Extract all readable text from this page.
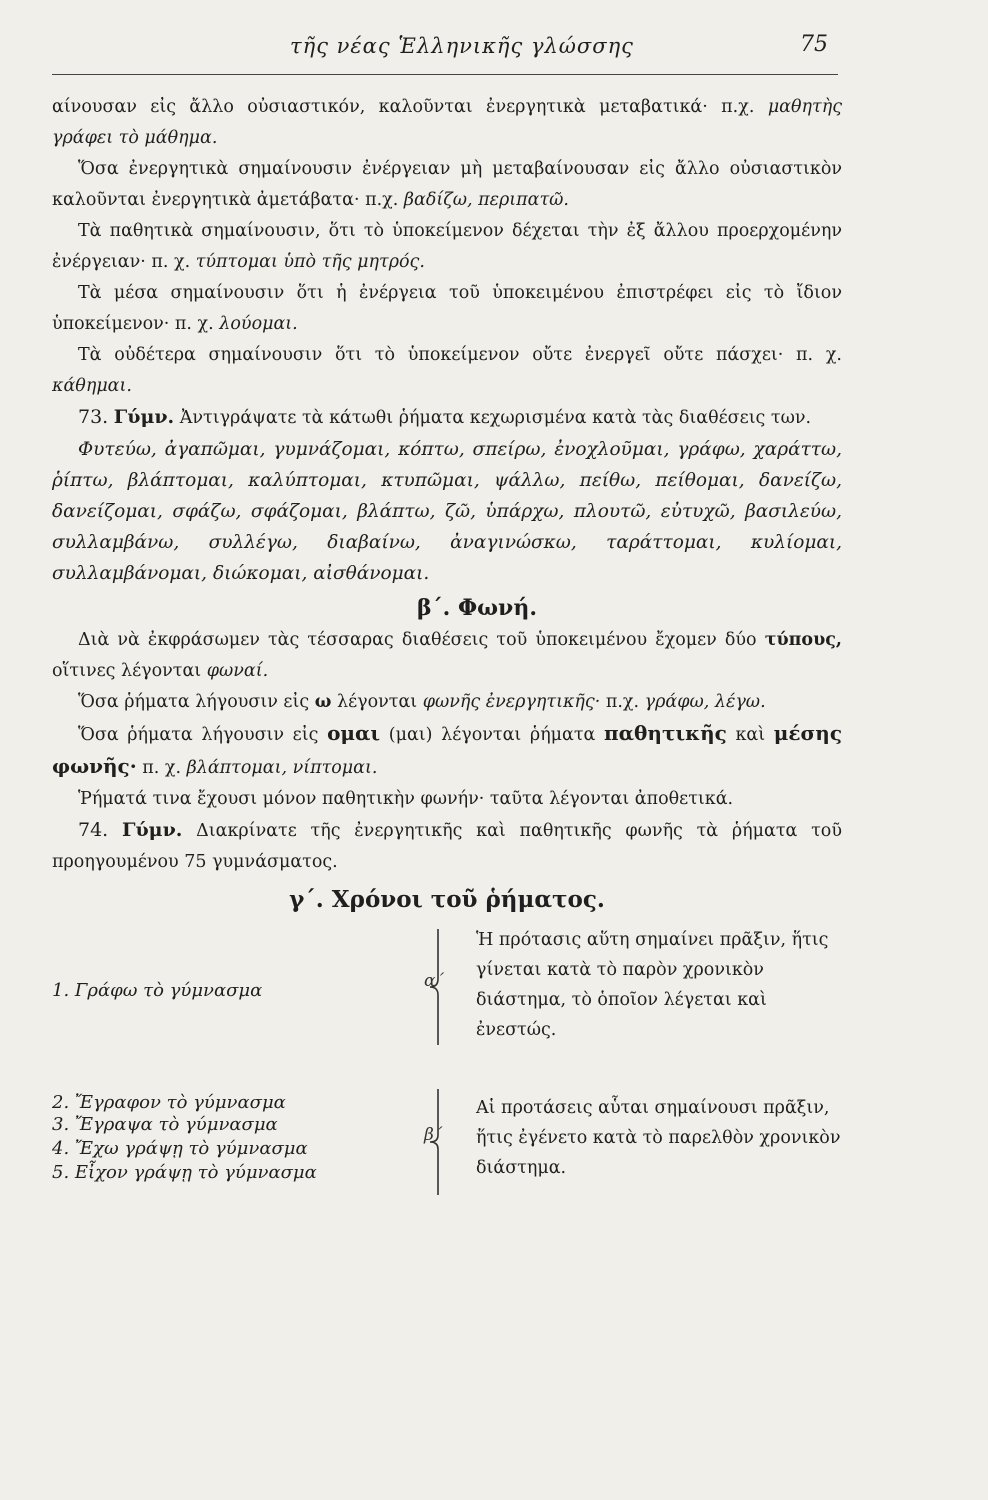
τῆς νέας Ἑλληνικῆς γλώσσης	75

αίνουσαν εἰς ἄλλο οὐσιαστικόν, καλοῦνται ἐνεργητικὰ μεταβατικά· π.χ. μαθητὴς γράφει τὸ μάθημα.

Ὅσα ἐνεργητικὰ σημαίνουσιν ἐνέργειαν μὴ μεταβαίνουσαν εἰς ἄλλο οὐσιαστικὸν καλοῦνται ἐνεργητικὰ ἀμετάβατα· π.χ. βαδίζω, περιπατῶ.

Τὰ παθητικὰ σημαίνουσιν, ὅτι τὸ ὑποκείμενον δέχεται τὴν ἐξ ἄλλου προερχομένην ἐνέργειαν· π. χ. τύπτομαι ὑπὸ τῆς μητρός.

Τὰ μέσα σημαίνουσιν ὅτι ἡ ἐνέργεια τοῦ ὑποκειμένου ἐπιστρέφει εἰς τὸ ἴδιον ὑποκείμενον· π. χ. λούομαι.

Τὰ οὐδέτερα σημαίνουσιν ὅτι τὸ ὑποκείμενον οὔτε ἐνεργεῖ οὔτε πάσχει· π. χ. κάθημαι.

73. Γύμν. Ἀντιγράψατε τὰ κάτωθι ῥήματα κεχωρισμένα κατὰ τὰς διαθέσεις των.

Φυτεύω, ἀγαπῶμαι, γυμνάζομαι, κόπτω, σπείρω, ἐνοχλοῦμαι, γράφω, χαράττω, ῥίπτω, βλάπτομαι, καλύπτομαι, κτυπῶμαι, ψάλλω, πείθω, πείθομαι, δανείζω, δανείζομαι, σφάζω, σφάζομαι, βλάπτω, ζῶ, ὑπάρχω, πλουτῶ, εὐτυχῶ, βασιλεύω, συλλαμβάνω, συλλέγω, διαβαίνω, ἀναγινώσκω, ταράττομαι, κυλίομαι, συλλαμβάνομαι, διώκομαι, αἰσθάνομαι.

β΄. Φωνή.

Διὰ νὰ ἐκφράσωμεν τὰς τέσσαρας διαθέσεις τοῦ ὑποκειμένου ἔχομεν δύο τύπους, οἵτινες λέγονται φωναί.

Ὅσα ῥήματα λήγουσιν εἰς ω λέγονται φωνῆς ἐνεργητικῆς· π.χ. γράφω, λέγω.

Ὅσα ῥήματα λήγουσιν εἰς ομαι (μαι) λέγονται ῥήματα παθητικῆς καὶ μέσης φωνῆς· π. χ. βλάπτομαι, νίπτομαι.

Ῥήματά τινα ἔχουσι μόνον παθητικὴν φωνήν· ταῦτα λέγονται ἀποθετικά.

74. Γύμν. Διακρίνατε τῆς ἐνεργητικῆς καὶ παθητικῆς φωνῆς τὰ ῥήματα τοῦ προηγουμένου 75 γυμνάσματος.

γ΄. Χρόνοι τοῦ ῥήματος.
1. Γράφω τὸ γύμνασμα	α΄
Ἡ πρότασις αὕτη σημαίνει πρᾶξιν, ἥτις γίνεται κατὰ τὸ παρὸν χρονικὸν διάστημα, τὸ ὁποῖον λέγεται καὶ ἐνεστώς.
2. Ἔγραφον τὸ γύμνασμα
3. Ἔγραψα τὸ γύμνασμα
4. Ἔχω γράψῃ τὸ γύμνασμα
5. Εἶχον γράψῃ τὸ γύμνασμα
β΄
Αἱ προτάσεις αὗται σημαίνουσι πρᾶξιν, ἥτις ἐγένετο κατὰ τὸ παρελθὸν χρονικὸν διάστημα.
